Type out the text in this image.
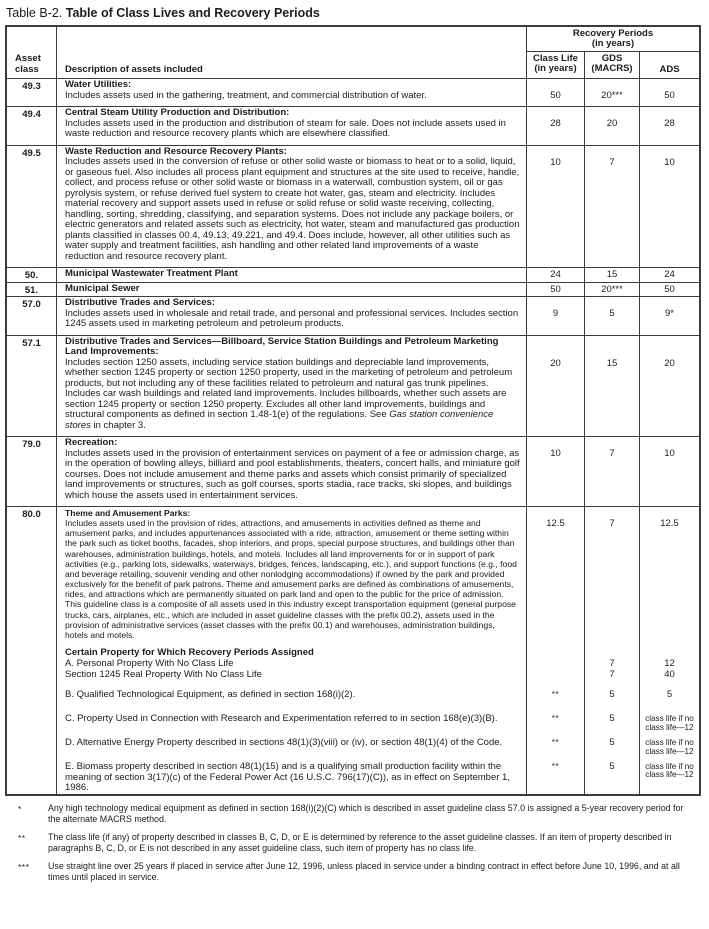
Table B-2. Table of Class Lives and Recovery Periods
Asset class	Description of assets included
Recovery Periods
(in years)
Class Life (in years)
GDS (MACRS)	ADS
49.3	Water Utilities:
Includes assets used in the gathering, treatment, and commercial distribution of water.	50	20***	50
49.4	Central Steam Utility Production and Distribution:
Includes assets used in the production and distribution of steam for sale. Does not include assets used in waste reduction and resource recovery plants which are elsewhere classified.
28	20	28
49.5	Waste Reduction and Resource Recovery Plants:
Includes assets used in the conversion of refuse or other solid waste or biomass to heat or to a solid, liquid, or gaseous fuel. Also includes all process plant equipment and structures at the site used to receive, handle, collect, and process refuse or other solid waste or biomass in a waterwall, combustion system, oil or gas pyrolysis system, or refuse derived fuel system to create hot water, gas, steam and electricity. Includes material recovery and support assets used in refuse or solid refuse or solid waste receiving, collecting, handling, sorting, shredding, classifying, and separation systems. Does not include any package boilers, or electric generators and related assets such as electricity, hot water, steam and manufactured gas production plants classified in classes 00.4, 49.13, 49.221, and 49.4. Does include, however, all other utilities such as water supply and treatment facilities, ash handling and other related land improvements of a waste reduction and resource recovery plant.
10	7	10
50.	Municipal Wastewater Treatment Plant	24	15	24
51.	Municipal Sewer	50	20***	50
57.0	Distributive Trades and Services:
Includes assets used in wholesale and retail trade, and personal and professional services. Includes section 1245 assets used in marketing petroleum and petroleum products.
9	5	9*
57.1	Distributive Trades and Services—Billboard, Service Station Buildings and Petroleum Marketing Land Improvements:
Includes section 1250 assets, including service station buildings and depreciable land improvements, whether section 1245 property or section 1250 property, used in the marketing of petroleum and petroleum products, but not including any of these facilities related to petroleum and natural gas trunk pipelines. Includes car wash buildings and related land improvements. Includes billboards, whether such assets are section 1245 property or section 1250 property. Excludes all other land improvements, buildings and structural components as defined in section 1.48-1(e) of the regulations. See Gas station convenience stores in chapter 3.
20	15	20
79.0	Recreation:
Includes assets used in the provision of entertainment services on payment of a fee or admission charge, as in the operation of bowling alleys, billiard and pool establishments, theaters, concert halls, and miniature golf courses. Does not include amusement and theme parks and assets which consist primarily of specialized land improvements or structures, such as golf courses, sports stadia, race tracks, ski slopes, and buildings which house the assets used in entertainment services.
10	7	10
80.0	Theme and Amusement Parks:
Includes assets used in the provision of rides, attractions, and amusements in activities defined as theme and amusement parks, and includes appurtenances associated with a ride, attraction, amusement or theme setting within the park such as ticket booths, facades, shop interiors, and props, special purpose structures, and buildings other than warehouses, administration buildings, hotels, and motels. Includes all land improvements for or in support of park activities (e.g., parking lots, sidewalks, waterways, bridges, fences, landscaping, etc.), and support functions (e.g., food and beverage retailing, souvenir vending and other nonlodging accommodations) if owned by the park and provided exclusively for the benefit of park patrons. Theme and amusement parks are defined as combinations of amusements, rides, and attractions which are permanently situated on park land and open to the public for the price of admission. This guideline class is a composite of all assets used in this industry except transportation equipment (general purpose trucks, cars, airplanes, etc., which are included in asset guideline classes with the prefix 00.2), assets used in the provision of administrative services (asset classes with the prefix 00.1) and warehouses, administration buildings, hotels and motels.
12.5	7	12.5
Certain Property for Which Recovery Periods Assigned
A. Personal Property With No Class Life	7	12
Section 1245 Real Property With No Class Life	7	40
B. Qualified Technological Equipment, as defined in section 168(i)(2).	**	5	5
C. Property Used in Connection with Research and Experimentation referred to in section 168(e)(3)(B).	**	5	class life if no class life—12
D. Alternative Energy Property described in sections 48(1)(3)(viii) or (iv), or section 48(1)(4) of the Code.	**	5	class life if no class life—12
E. Biomass property described in section 48(1)(15) and is a qualifying small production facility within the meaning of section 3(17)(c) of the Federal Power Act (16 U.S.C. 796(17)(C)), as in effect on September 1, 1986.
**	5	class life if no class life—12
*	Any high technology medical equipment as defined in section 168(i)(2)(C) which is described in asset guideline class 57.0 is assigned a 5-year recovery period for the alternate MACRS method.
**	The class life (if any) of property described in classes B, C, D, or E is determined by reference to the asset guideline classes. If an item of property described in paragraphs B, C, D, or E is not described in any asset guideline class, such item of property has no class life.
***	Use straight line over 25 years if placed in service after June 12, 1996, unless placed in service under a binding contract in effect before June 10, 1996, and at all times until placed in service.
